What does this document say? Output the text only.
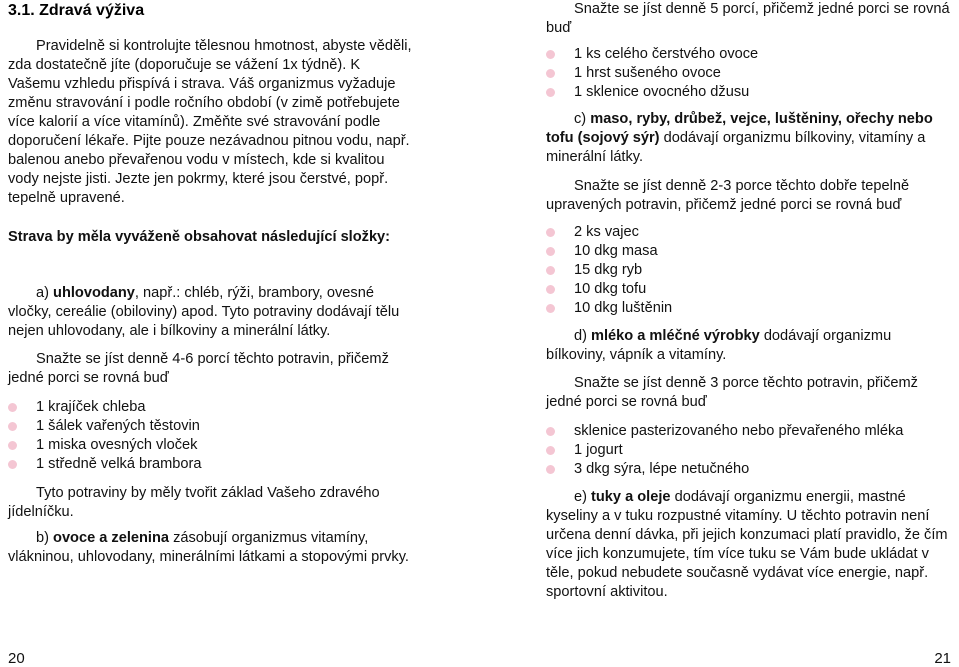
3.1. Zdravá výživa

Pravidelně si kontrolujte tělesnou hmotnost, abyste věděli, zda dostatečně jíte (doporučuje se vážení 1x týdně). K Vašemu vzhledu přispívá i strava. Váš organizmus vyžaduje změnu stravování i podle ročního období (v zimě potřebujete více kalorií a více vitamínů). Změňte své stravování podle doporučení lékaře. Pijte pouze nezávadnou pitnou vodu, např. balenou anebo převařenou vodu v místech, kde si kvalitou vody nejste jisti. Jezte jen pokrmy, které jsou čerstvé, popř. tepelně upravené.

Strava by měla vyváženě obsahovat následující složky:

a) uhlovodany, např.: chléb, rýži, brambory, ovesné vločky, cereálie (obiloviny) apod. Tyto potraviny dodávají tělu nejen uhlovodany, ale i bílkoviny a minerální látky.

Snažte se jíst denně 4-6 porcí těchto potravin, přičemž jedné porci se rovná buď

1 krajíček chleba
1 šálek vařených těstovin
1 miska ovesných vloček
1 středně velká brambora

Tyto potraviny by měly tvořit základ Vašeho zdravého jídelníčku.

b) ovoce a zelenina zásobují organizmus vitamíny, vlákninou, uhlovodany, minerálními látkami a stopovými prvky.

Snažte se jíst denně 5 porcí, přičemž jedné porci se rovná buď

1 ks celého čerstvého ovoce
1 hrst sušeného ovoce
1 sklenice ovocného džusu

c) maso, ryby, drůbež, vejce, luštěniny, ořechy nebo tofu (sojový sýr) dodávají organizmu bílkoviny, vitamíny a minerální látky.

Snažte se jíst denně 2-3 porce těchto dobře tepelně upravených potravin, přičemž jedné porci se rovná buď

2 ks vajec
10 dkg masa
15 dkg ryb
10 dkg tofu
10 dkg luštěnin

d) mléko a mléčné výrobky dodávají organizmu bílkoviny, vápník a vitamíny.

Snažte se jíst denně 3 porce těchto potravin, přičemž jedné porci se rovná buď

sklenice pasterizovaného nebo převařeného mléka
1 jogurt
3 dkg sýra, lépe netučného

e) tuky a oleje dodávají organizmu energii, mastné kyseliny a v tuku rozpustné vitamíny. U těchto potravin není určena denní dávka, při jejich konzumaci platí pravidlo, že čím více jich konzumujete, tím více tuku se Vám bude ukládat v těle, pokud nebudete současně vydávat více energie, např. sportovní aktivitou.

20	21
